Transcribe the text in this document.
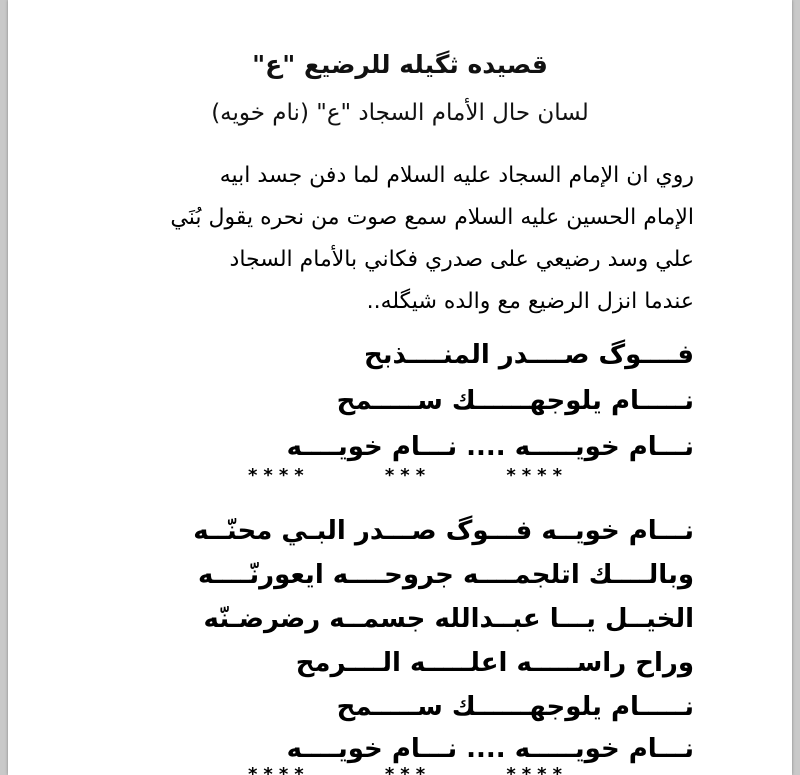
قصيده ثگيله للرضيع "ع"
لسان حال الأمام السجاد "ع" (نام خويه)
روي ان الإمام السجاد عليه السلام لما دفن جسد ابيه
الإمام الحسين عليه السلام سمع صوت من نحره يقول بُنَي
علي وسد رضيعي على صدري فكاني بالأمام السجاد
عندما انزل الرضيع مع والده شيگله..
فــــوگ صــــدر المنــــذبح
نـــــام يلوجهــــــك ســـــمح
نـــام خويـــــه .... نـــام خويــــه
****	***	****
نـــام خويــه فـــوگ صـــدر البـي محنّــه
وبالــــك اتلجمــــه جروحــــه ايعورنّــــه
الخيــل يـــا عبــدالله جسمــه رضرضـنّه
وراح راســـــه اعلـــــه الــــرمح
نـــــام يلوجهــــــك ســـــمح
نـــام خويـــــه .... نـــام خويــــه
****	***	****
